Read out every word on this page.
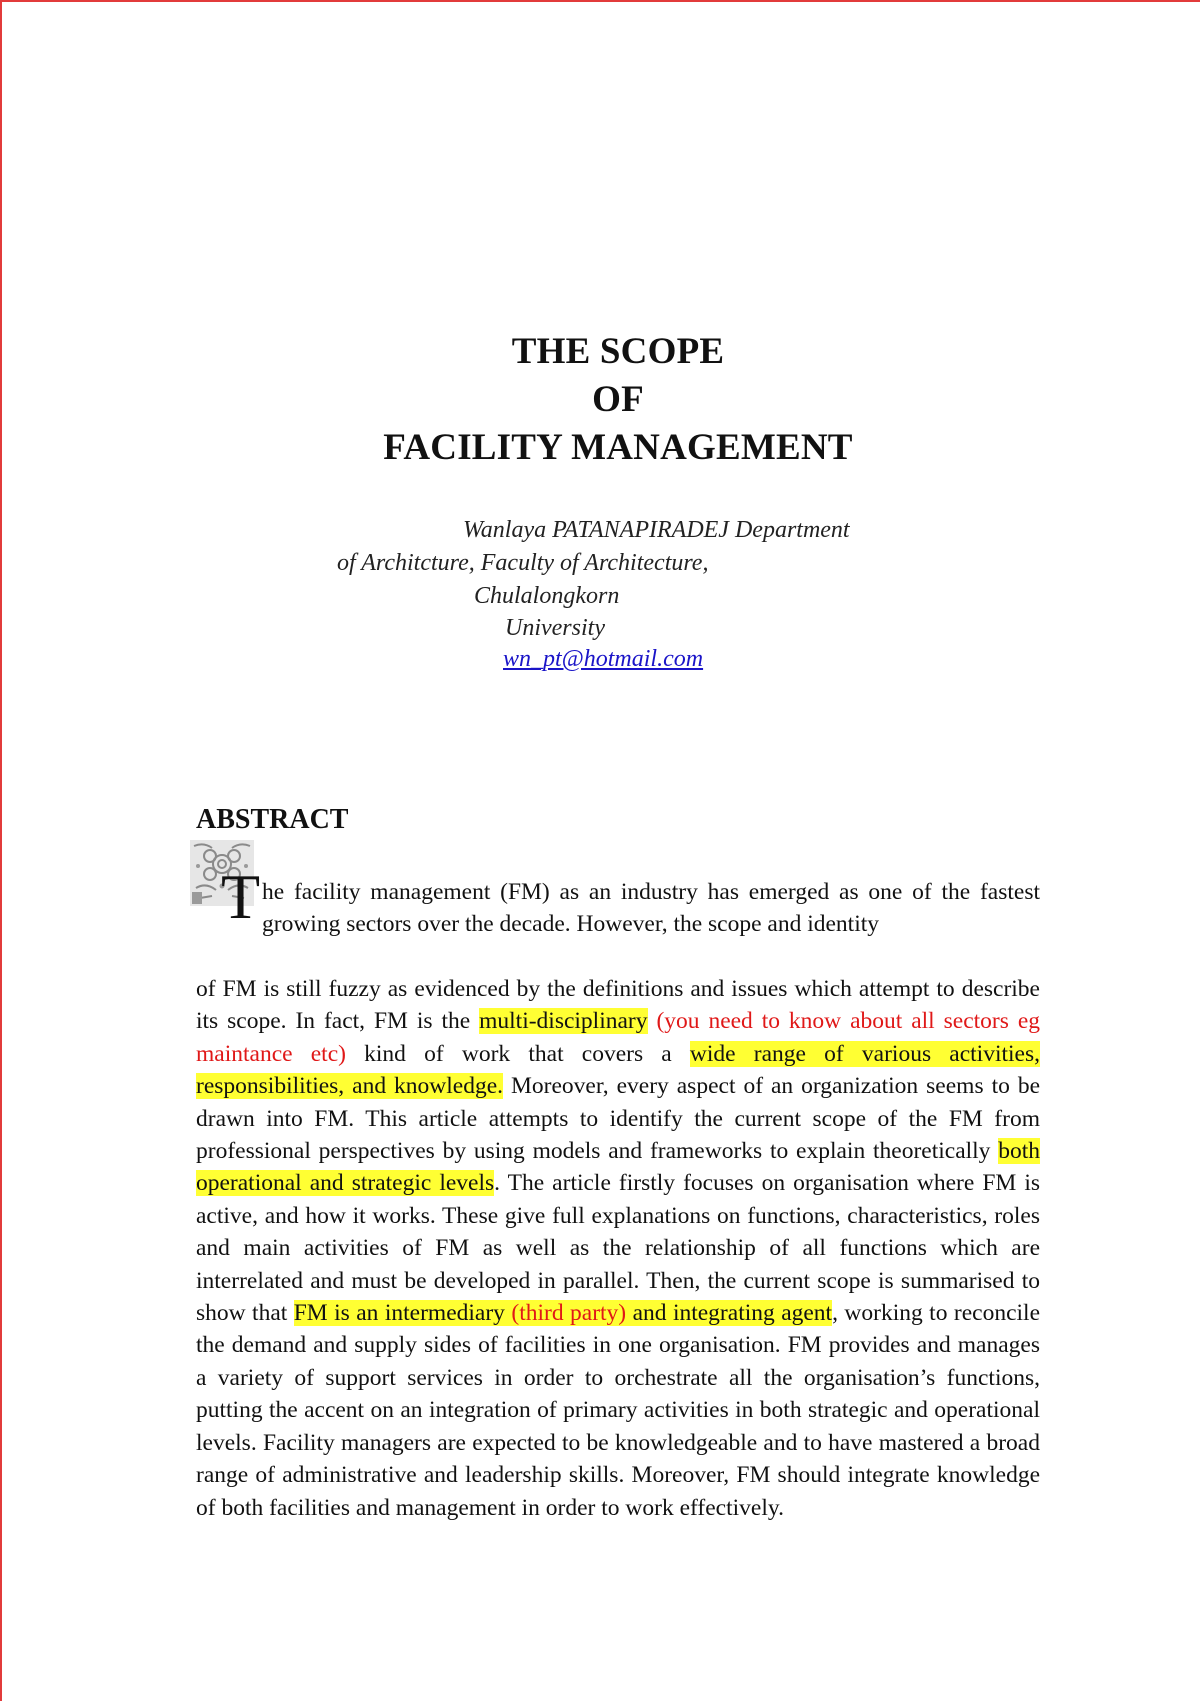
THE SCOPE
OF
FACILITY MANAGEMENT
Wanlaya PATANAPIRADEJ Department
of Architcture, Faculty of Architecture,
Chulalongkorn
University
wn_pt@hotmail.com
ABSTRACT
T he facility management (FM) as an industry has emerged as one of the fastest growing sectors over the decade. However, the scope and identity

of FM is still fuzzy as evidenced by the definitions and issues which attempt to describe its scope. In fact, FM is the multi-disciplinary (you need to know about all sectors eg maintance etc) kind of work that covers a wide range of various activities, responsibilities, and knowledge. Moreover, every aspect of an organization seems to be drawn into FM. This article attempts to identify the current scope of the FM from professional perspectives by using models and frameworks to explain theoretically both operational and strategic levels. The article firstly focuses on organisation where FM is active, and how it works. These give full explanations on functions, characteristics, roles and main activities of FM as well as the relationship of all functions which are interrelated and must be developed in parallel. Then, the current scope is summarised to show that FM is an intermediary (third party) and integrating agent, working to reconcile the demand and supply sides of facilities in one organisation. FM provides and manages a variety of support services in order to orchestrate all the organisation’s functions, putting the accent on an integration of primary activities in both strategic and operational levels. Facility managers are expected to be knowledgeable and to have mastered a broad range of administrative and leadership skills. Moreover, FM should integrate knowledge of both facilities and management in order to work effectively.
